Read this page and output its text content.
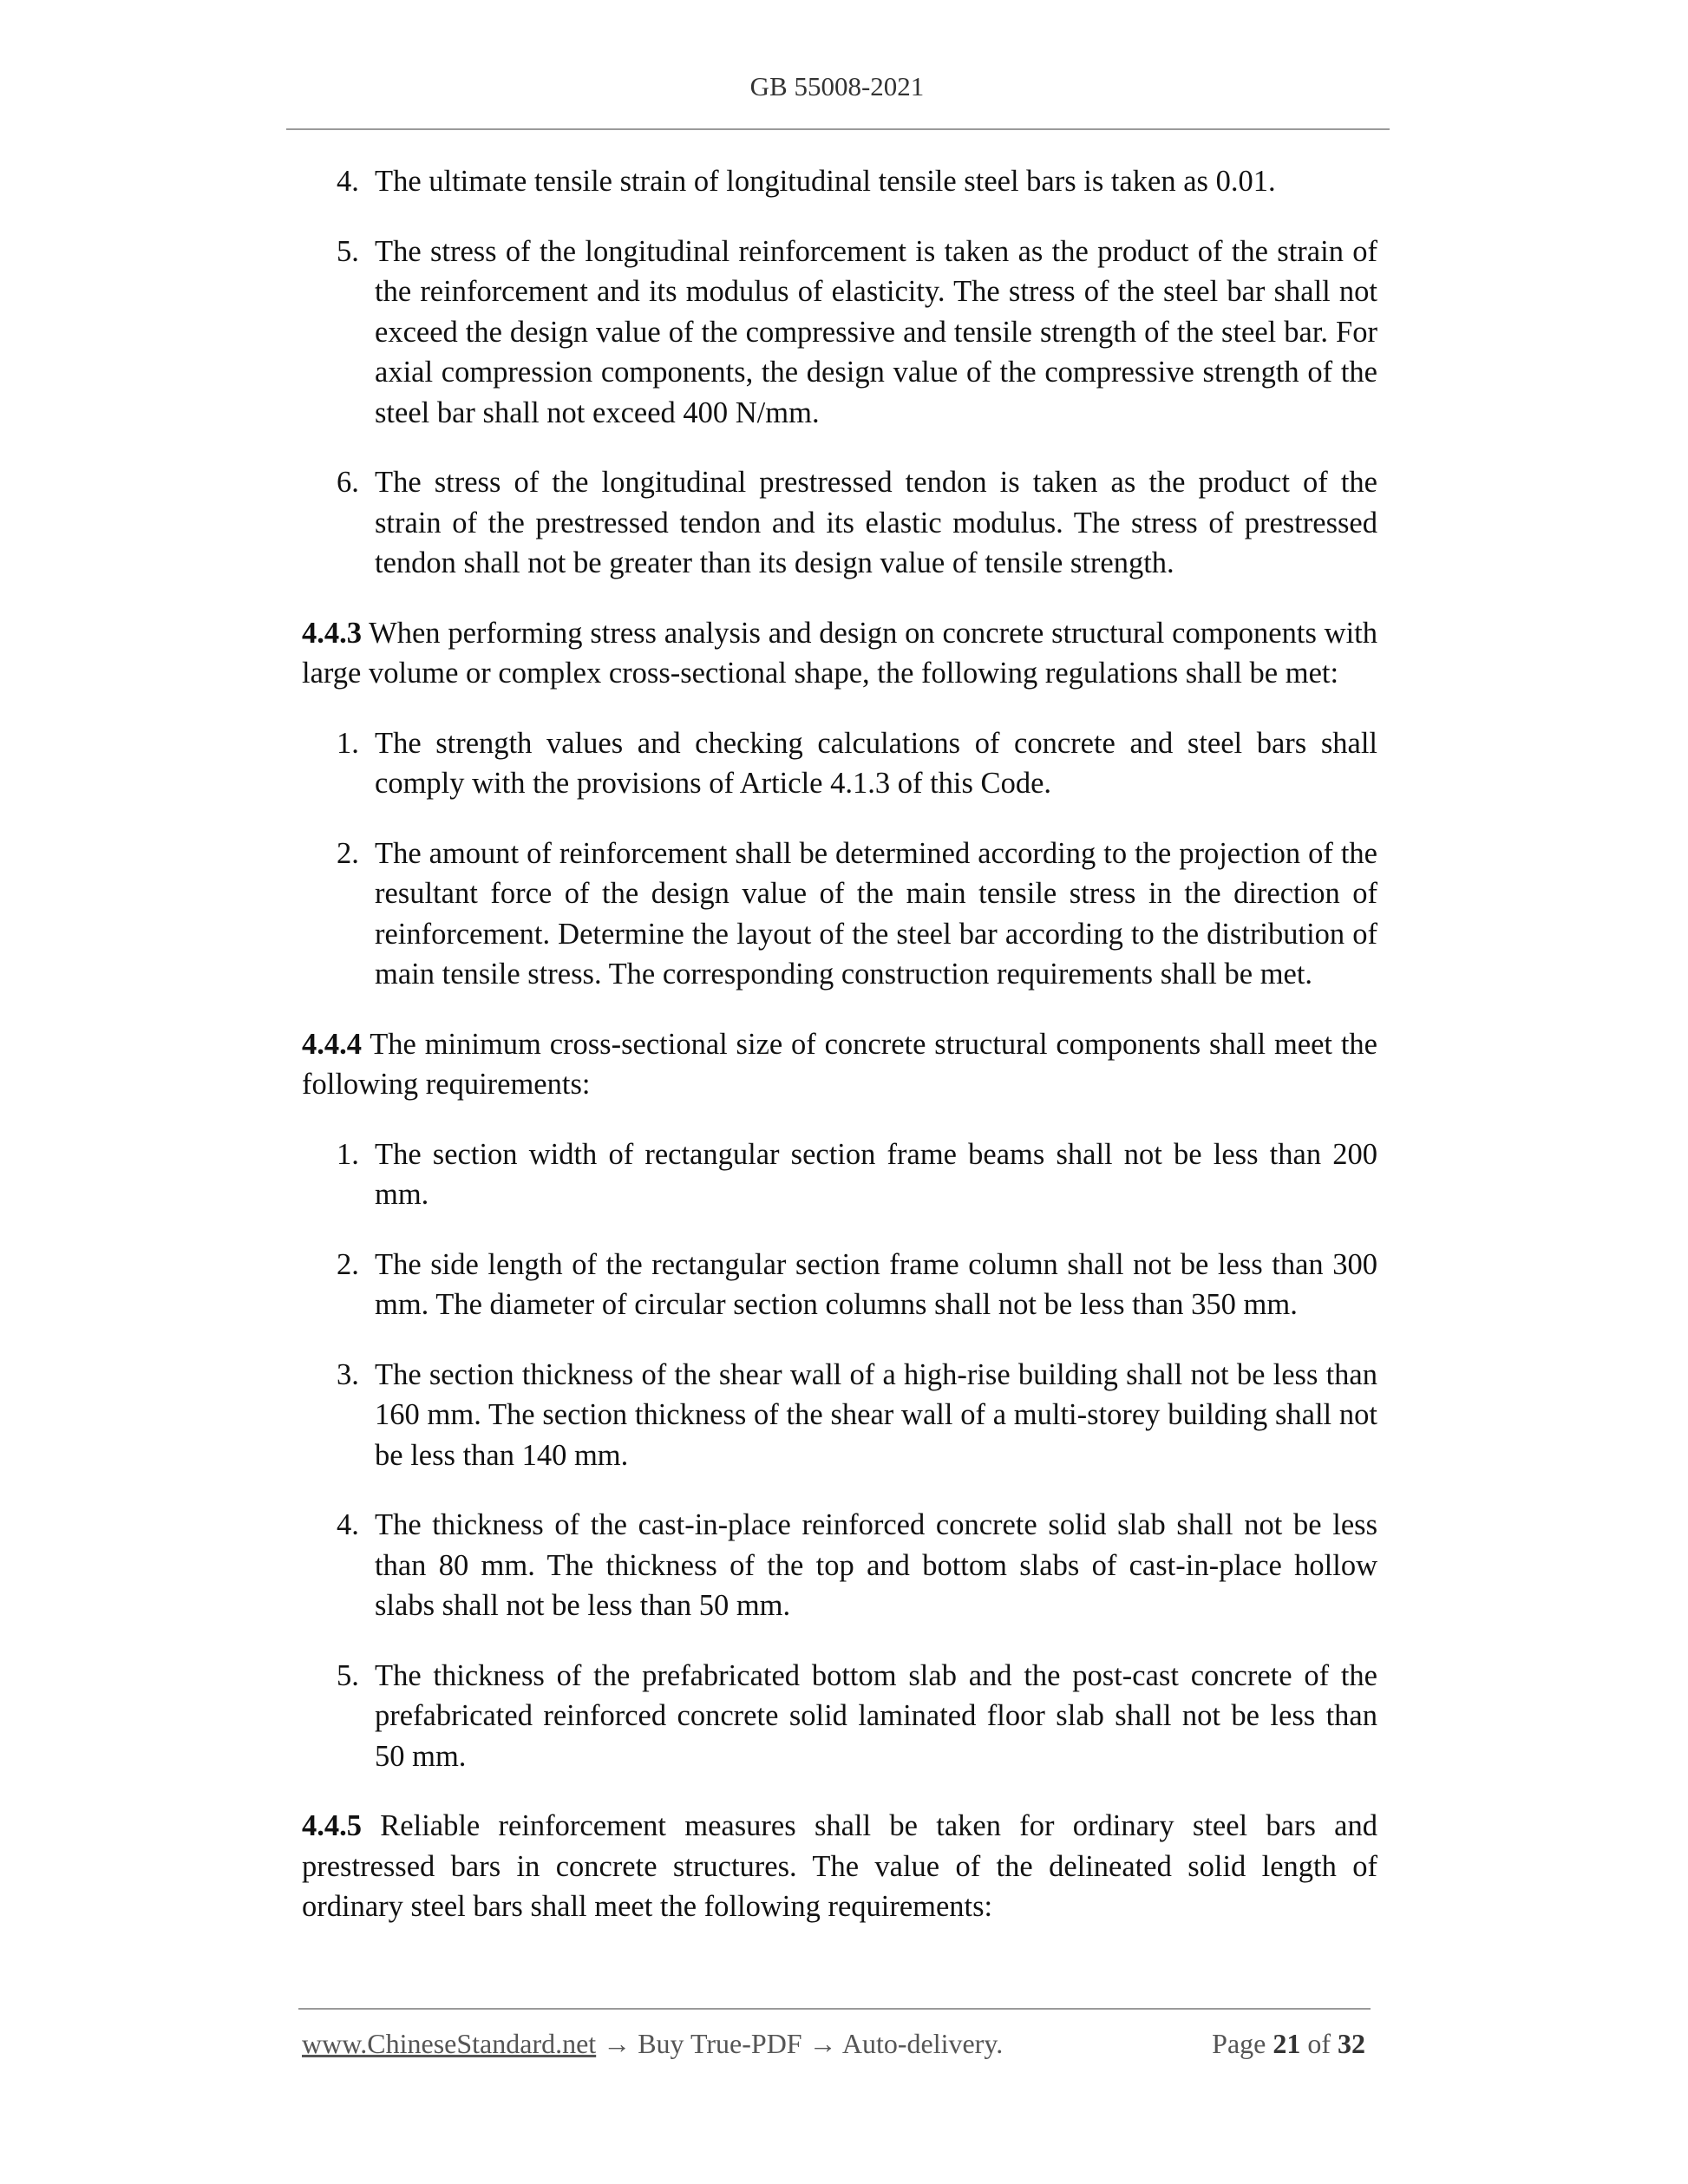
GB 55008-2021
4. The ultimate tensile strain of longitudinal tensile steel bars is taken as 0.01.
5. The stress of the longitudinal reinforcement is taken as the product of the strain of the reinforcement and its modulus of elasticity. The stress of the steel bar shall not exceed the design value of the compressive and tensile strength of the steel bar. For axial compression components, the design value of the compressive strength of the steel bar shall not exceed 400 N/mm.
6. The stress of the longitudinal prestressed tendon is taken as the product of the strain of the prestressed tendon and its elastic modulus. The stress of prestressed tendon shall not be greater than its design value of tensile strength.

4.4.3 When performing stress analysis and design on concrete structural components with large volume or complex cross-sectional shape, the following regulations shall be met:

1. The strength values and checking calculations of concrete and steel bars shall comply with the provisions of Article 4.1.3 of this Code.
2. The amount of reinforcement shall be determined according to the projection of the resultant force of the design value of the main tensile stress in the direction of reinforcement. Determine the layout of the steel bar according to the distribution of main tensile stress. The corresponding construction requirements shall be met.

4.4.4 The minimum cross-sectional size of concrete structural components shall meet the following requirements:

1. The section width of rectangular section frame beams shall not be less than 200 mm.
2. The side length of the rectangular section frame column shall not be less than 300 mm. The diameter of circular section columns shall not be less than 350 mm.
3. The section thickness of the shear wall of a high-rise building shall not be less than 160 mm. The section thickness of the shear wall of a multi-storey building shall not be less than 140 mm.
4. The thickness of the cast-in-place reinforced concrete solid slab shall not be less than 80 mm. The thickness of the top and bottom slabs of cast-in-place hollow slabs shall not be less than 50 mm.
5. The thickness of the prefabricated bottom slab and the post-cast concrete of the prefabricated reinforced concrete solid laminated floor slab shall not be less than 50 mm.

4.4.5 Reliable reinforcement measures shall be taken for ordinary steel bars and prestressed bars in concrete structures. The value of the delineated solid length of ordinary steel bars shall meet the following requirements:

www.ChineseStandard.net → Buy True-PDF → Auto-delivery.	Page 21 of 32
